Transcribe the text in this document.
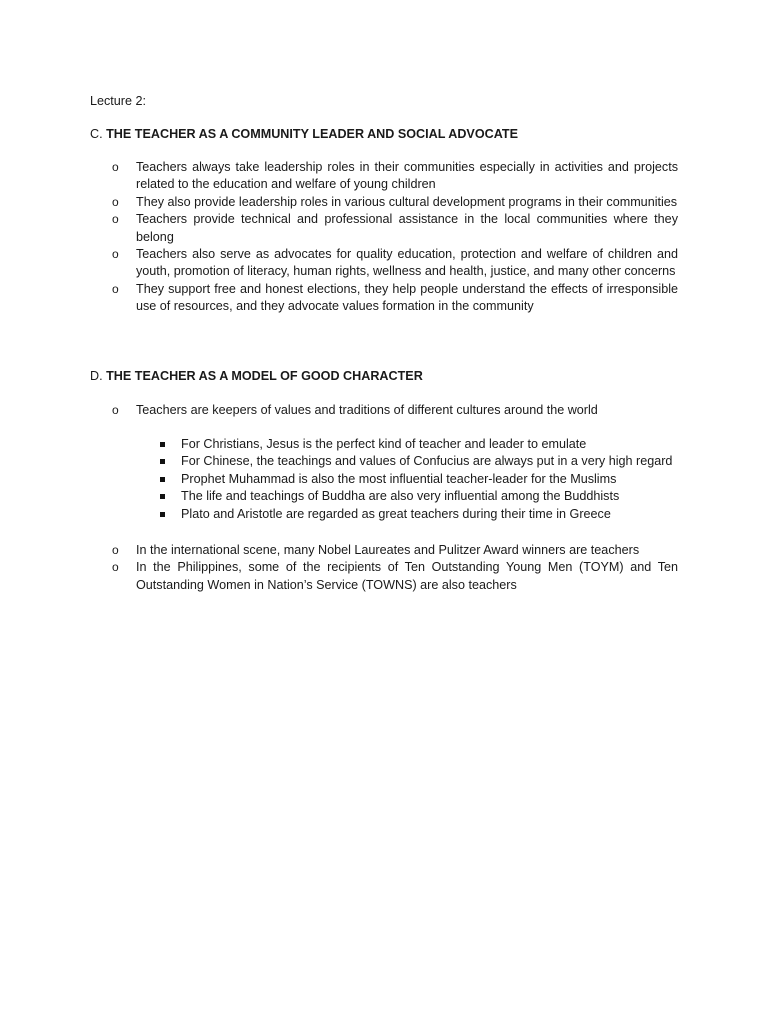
Lecture 2:
C. THE TEACHER AS A COMMUNITY LEADER AND SOCIAL ADVOCATE
o Teachers always take leadership roles in their communities especially in activities and projects related to the education and welfare of young children
o They also provide leadership roles in various cultural development programs in their communities
o Teachers provide technical and professional assistance in the local communities where they belong
o Teachers also serve as advocates for quality education, protection and welfare of children and youth, promotion of literacy, human rights, wellness and health, justice, and many other concerns
o They support free and honest elections, they help people understand the effects of irresponsible use of resources, and they advocate values formation in the community
D. THE TEACHER AS A MODEL OF GOOD CHARACTER
o Teachers are keepers of values and traditions of different cultures around the world
For Christians, Jesus is the perfect kind of teacher and leader to emulate
For Chinese, the teachings and values of Confucius are always put in a very high regard
Prophet Muhammad is also the most influential teacher-leader for the Muslims
The life and teachings of Buddha are also very influential among the Buddhists
Plato and Aristotle are regarded as great teachers during their time in Greece
o In the international scene, many Nobel Laureates and Pulitzer Award winners are teachers
o In the Philippines, some of the recipients of Ten Outstanding Young Men (TOYM) and Ten Outstanding Women in Nation’s Service (TOWNS) are also teachers
